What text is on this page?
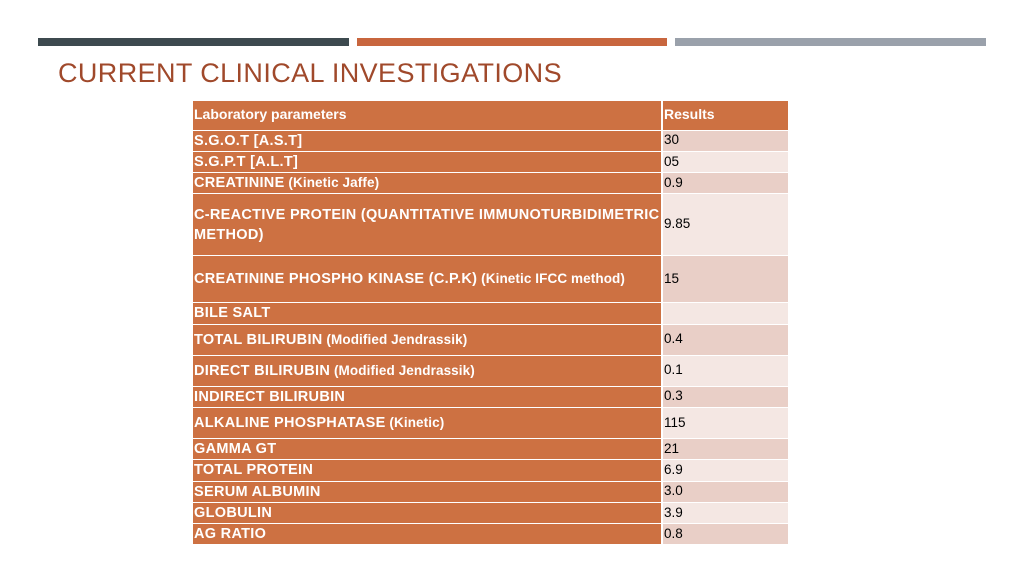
CURRENT CLINICAL INVESTIGATIONS
Laboratory parameters	Results
S.G.O.T [A.S.T]	30
S.G.P.T [A.L.T]	05
CREATININE (Kinetic Jaffe)	0.9
C-REACTIVE PROTEIN (QUANTITATIVE IMMUNOTURBIDIMETRIC METHOD)	9.85
CREATININE PHOSPHO KINASE (C.P.K) (Kinetic IFCC method)	15
BILE SALT	
TOTAL BILIRUBIN (Modified Jendrassik)	0.4
DIRECT BILIRUBIN (Modified Jendrassik)	0.1
INDIRECT BILIRUBIN	0.3
ALKALINE PHOSPHATASE (Kinetic)	115
GAMMA GT	21
TOTAL PROTEIN	6.9
SERUM ALBUMIN	3.0
GLOBULIN	3.9
AG RATIO	0.8
